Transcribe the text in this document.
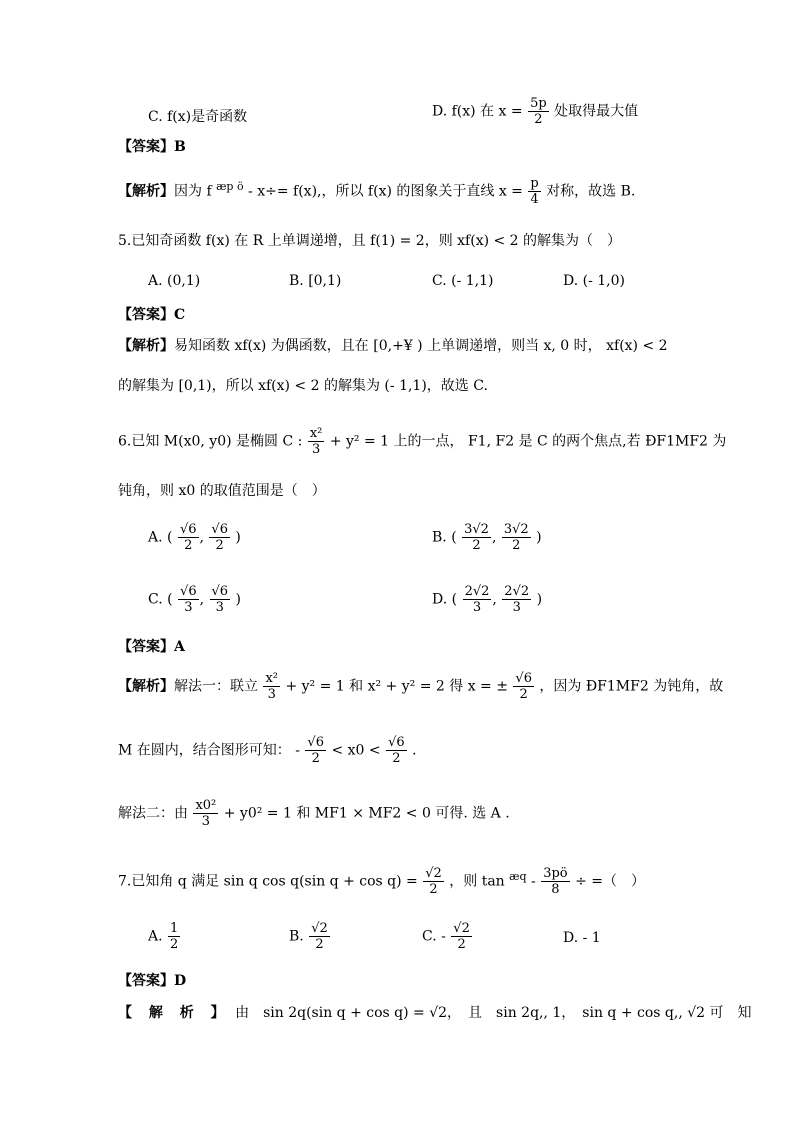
C. f(x)是奇函数	D. f(x) 在 $x = \frac{5p}{2}$ 处取得最大值
【答案】B
【解析】因为 f $^{æp ö}$ - x÷= f(x),，所以 f(x) 的图象关于直线 $x = \frac{p}{4}$ 对称，故选 B.
5.已知奇函数 f(x) 在 R 上单调递增，且 f(1) = 2，则 xf(x) < 2 的解集为（　）
A. (0,1)	B. [0,1)	C. (- 1,1)	D. (- 1,0)
【答案】C
【解析】易知函数 xf(x) 为偶函数，且在 [0,+¥ ) 上单调递增，则当 x, 0 时， xf(x) < 2
的解集为 [0,1)，所以 xf(x) < 2 的解集为 (- 1,1)，故选 C.
6.已知 M(x0, y0) 是椭圆 C : $\frac{\text{x²}}{3} + y^2 = 1$ 上的一点， F1, F2 是 C 的两个焦点,若 ÐF1MF2 为
钝角，则 x0 的取值范围是（　）
A. ( $\frac{√6}{2}$ , $\frac{√6}{2}$ )	B. ( $\frac{3√2}{2}$ , $\frac{3√2}{2}$ )
C. ( $\frac{√6}{3}$ , $\frac{√6}{3}$ )	D. ( $\frac{2√2}{3}$ , $\frac{2√2}{3}$ )
【答案】A
【解析】解法一：联立 $\frac{\text{x²}}{3} + y^2 = 1$ 和 x² + y² = 2 得 x = ± $\frac{√6}{2}$ ，因为 ÐF1MF2 为钝角，故
M 在圆内，结合图形可知： - $\frac{√6}{2} < x0 < \frac{√6}{2}$ .
解法二：由 $\frac{\text{x0²}}{3} + y0^2 = 1$ 和 MF1 × MF2 < 0 可得. 选 A .
7.已知角 q 满足 sin q cos q(sin $q + \cos q) = \frac{√2}{2}$ ，则 $\tan ^{æq} - \frac{3pö}{8}$ ÷ =（　）
A. $\frac{1}{2}$	B. $\frac{√2}{2}$	C. - $\frac{√2}{2}$	D. - 1
【答案】D
【 解 析 】 由　sin 2q(sin q + cos q) = √2，　且　sin 2q,, 1，　sin q + cos q,, √2 可　知
